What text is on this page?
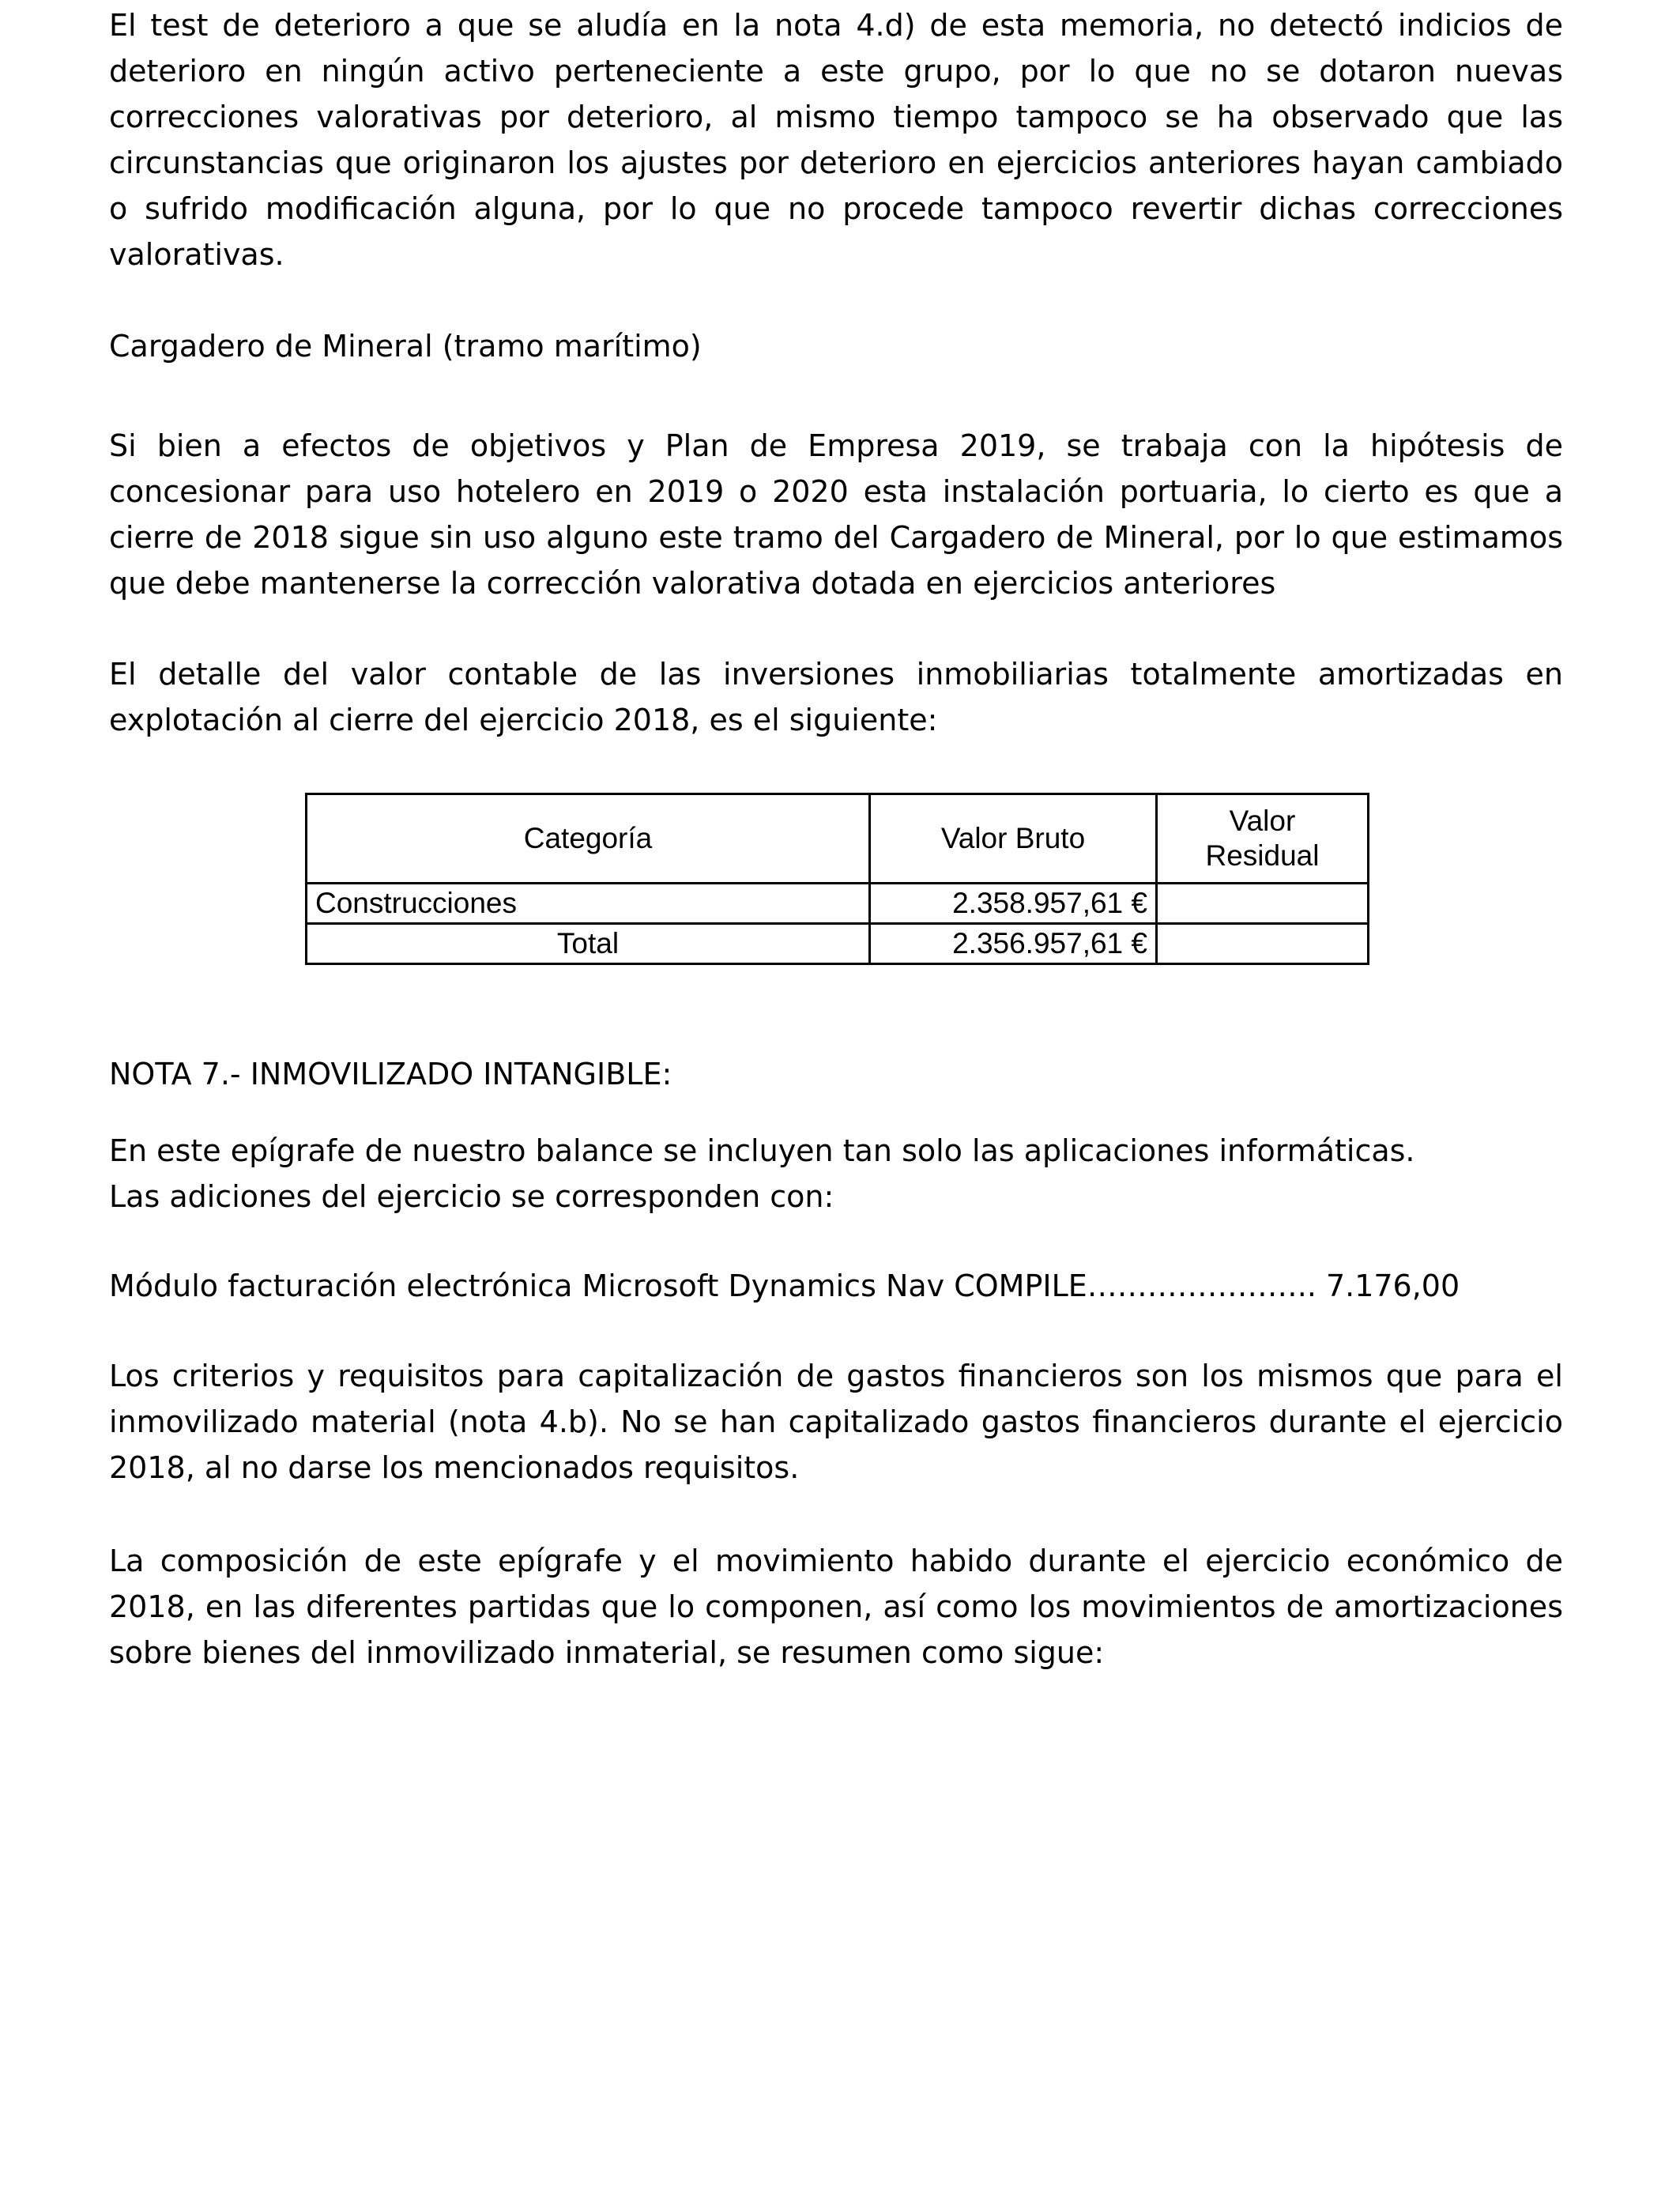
El test de deterioro a que se aludía en la nota 4.d) de esta memoria, no detectó indicios de deterioro en ningún activo perteneciente a este grupo, por lo que no se dotaron nuevas correcciones valorativas por deterioro, al mismo tiempo tampoco se ha observado que las circunstancias que originaron los ajustes por deterioro en ejercicios anteriores hayan cambiado o sufrido modificación alguna, por lo que no procede tampoco revertir dichas correcciones valorativas.

Cargadero de Mineral (tramo marítimo)

Si bien a efectos de objetivos y Plan de Empresa 2019, se trabaja con la hipótesis de concesionar para uso hotelero en 2019 o 2020 esta instalación portuaria, lo cierto es que a cierre de 2018 sigue sin uso alguno este tramo del Cargadero de Mineral, por lo que estimamos que debe mantenerse la corrección valorativa dotada en ejercicios anteriores

El detalle del valor contable de las inversiones inmobiliarias totalmente amortizadas en explotación al cierre del ejercicio 2018, es el siguiente:

Categoría	Valor Bruto	Valor
Residual
Construcciones	2.358.957,61 €	
Total	2.356.957,61 €	

NOTA 7.- INMOVILIZADO INTANGIBLE:

En este epígrafe de nuestro balance se incluyen tan solo las aplicaciones informáticas.

Las adiciones del ejercicio se corresponden con:

Módulo facturación electrónica Microsoft Dynamics Nav COMPILE………………….. 7.176,00

Los criterios y requisitos para capitalización de gastos financieros son los mismos que para el inmovilizado material (nota 4.b). No se han capitalizado gastos financieros durante el ejercicio 2018, al no darse los mencionados requisitos.

La composición de este epígrafe y el movimiento habido durante el ejercicio económico de 2018, en las diferentes partidas que lo componen, así como los movimientos de amortizaciones sobre bienes del inmovilizado inmaterial, se resumen como sigue:
